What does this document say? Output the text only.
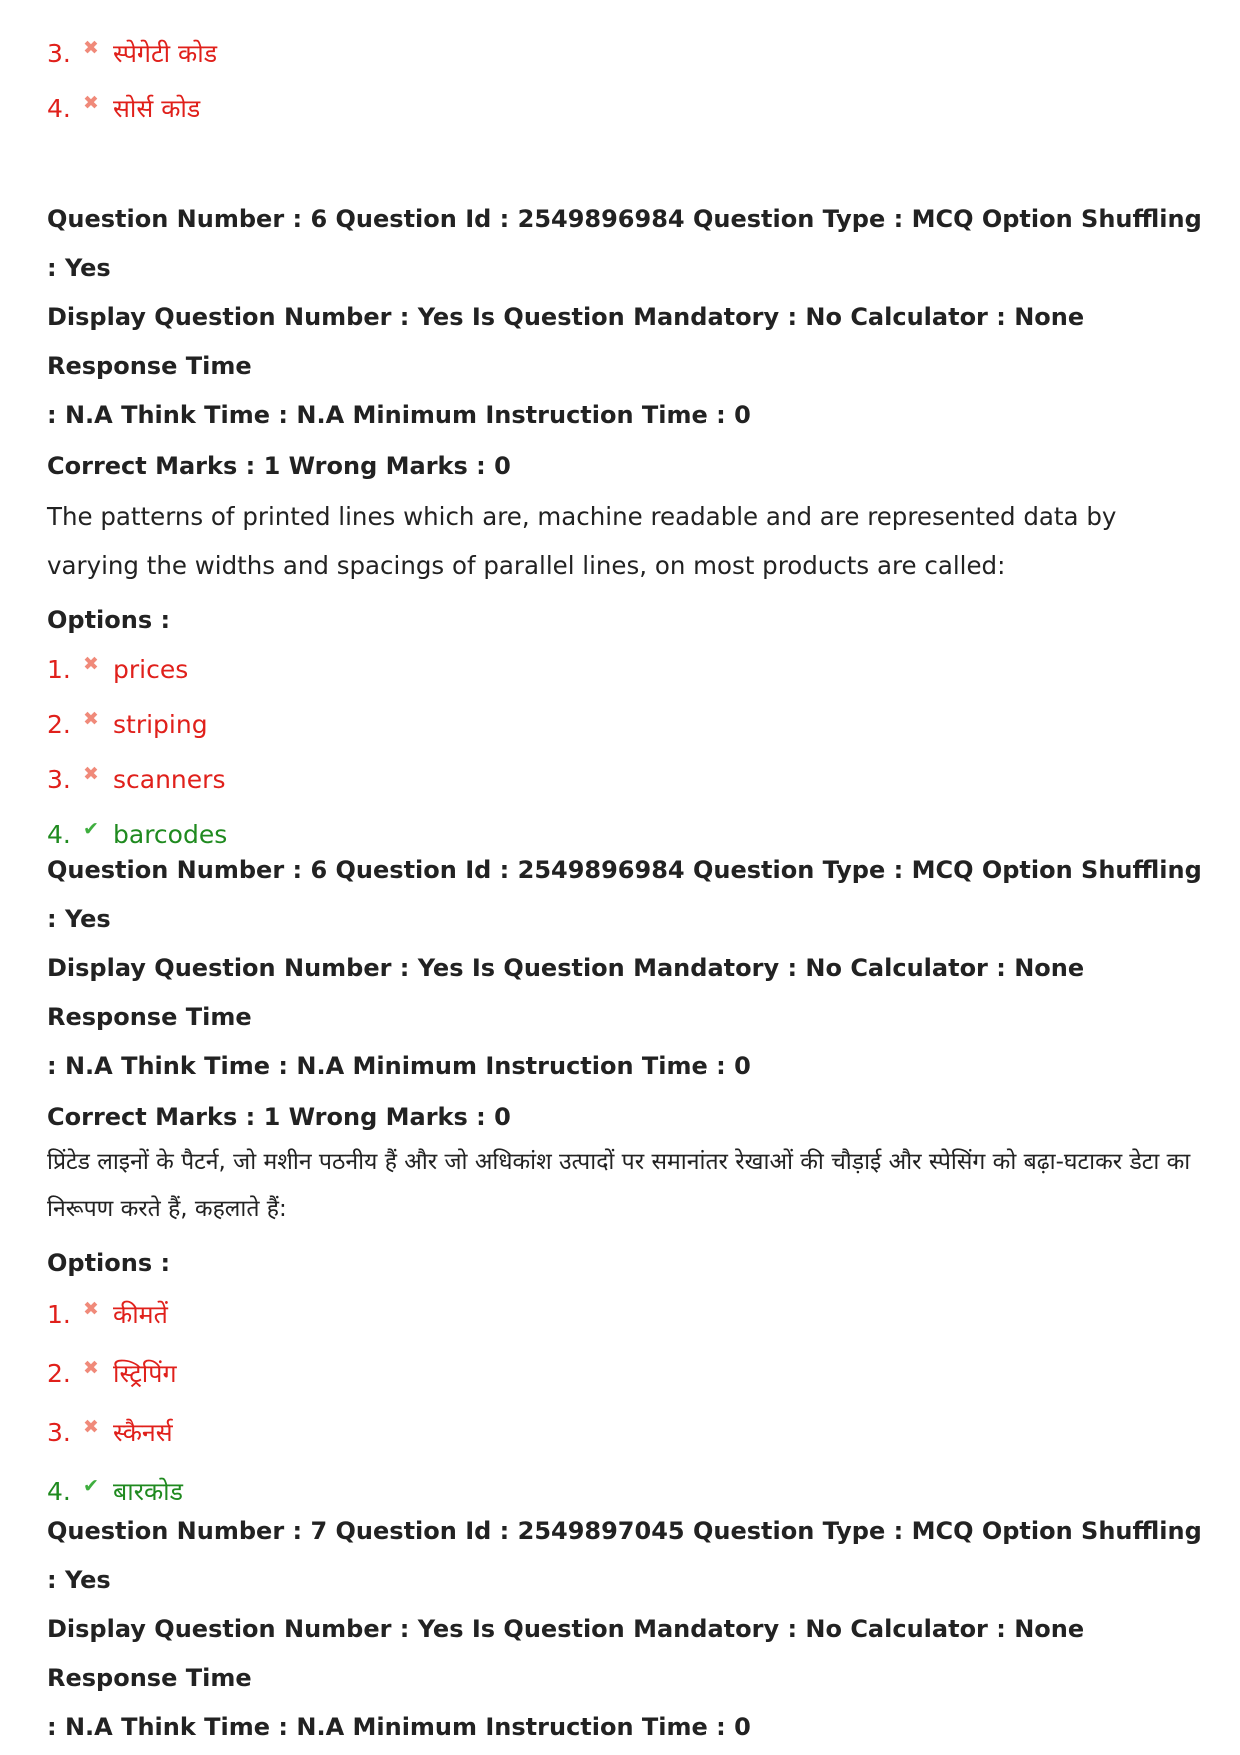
3. ✖ स्पेगेटी कोड
4. ✖ सोर्स कोड
Question Number : 6 Question Id : 2549896984 Question Type : MCQ Option Shuffling : Yes
Display Question Number : Yes Is Question Mandatory : No Calculator : None Response Time
: N.A Think Time : N.A Minimum Instruction Time : 0
Correct Marks : 1 Wrong Marks : 0
The patterns of printed lines which are, machine readable and are represented data by varying the widths and spacings of parallel lines, on most products are called:
Options :
1. ✖ prices
2. ✖ striping
3. ✖ scanners
4. ✔ barcodes
Question Number : 6 Question Id : 2549896984 Question Type : MCQ Option Shuffling : Yes
Display Question Number : Yes Is Question Mandatory : No Calculator : None Response Time
: N.A Think Time : N.A Minimum Instruction Time : 0
Correct Marks : 1 Wrong Marks : 0
प्रिंटेड लाइनों के पैटर्न, जो मशीन पठनीय हैं और जो अधिकांश उत्पादों पर समानांतर रेखाओं की चौड़ाई और स्पेसिंग को बढ़ा-घटाकर डेटा का निरूपण करते हैं, कहलाते हैं:
Options :
1. ✖ कीमतें
2. ✖ स्ट्रिपिंग
3. ✖ स्कैनर्स
4. ✔ बारकोड
Question Number : 7 Question Id : 2549897045 Question Type : MCQ Option Shuffling : Yes
Display Question Number : Yes Is Question Mandatory : No Calculator : None Response Time
: N.A Think Time : N.A Minimum Instruction Time : 0
